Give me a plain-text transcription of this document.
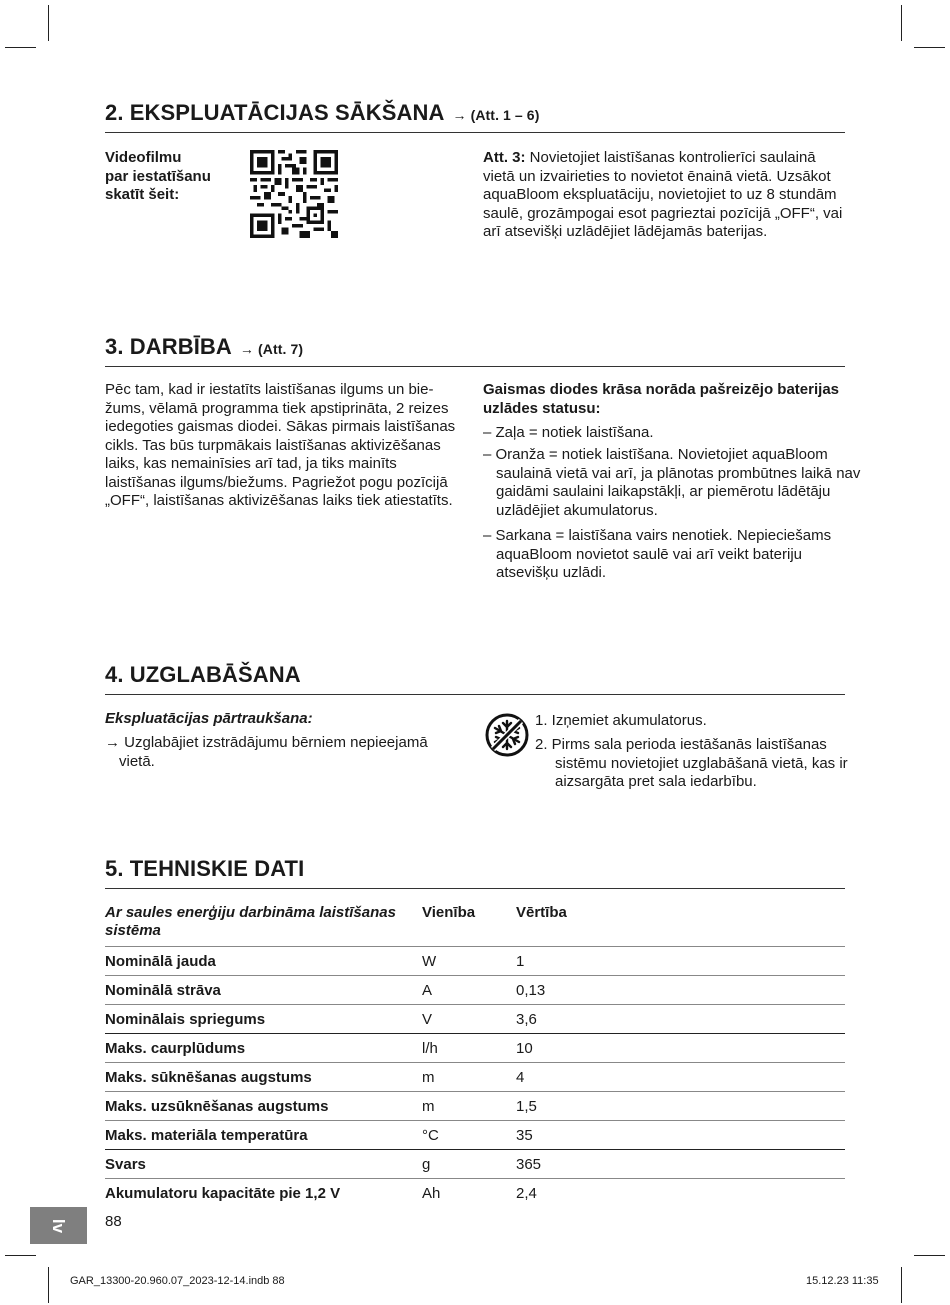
2. EKSPLUATĀCIJAS SĀKŠANA → (Att. 1 – 6)
Videofilmu
par iestatīšanu
skatīt šeit:
Att. 3: Novietojiet laistīšanas kontrolierīci saulainā vietā un izvairieties to novietot ēnainā vietā. Uzsākot aquaBloom ekspluatāciju, novietojiet to uz 8 stundām saulē, grozāmpogai esot pagrieztai pozīcijā „OFF“, vai arī atsevišķi uzlādējiet lādējamās baterijas.
3. DARBĪBA → (Att. 7)
Pēc tam, kad ir iestatīts laistīšanas ilgums un biežums, vēlamā programma tiek apstiprināta, 2 reizes iedegoties gaismas diodei. Sākas pirmais laistīšanas cikls. Tas būs turpmākais laistīšanas aktivizēšanas laiks, kas nemainīsies arī tad, ja tiks mainīts laistīšanas ilgums/biežums. Pagriežot pogu pozīcijā „OFF“, laistīšanas aktivizēšanas laiks tiek atiestatīts.
Gaismas diodes krāsa norāda pašreizējo baterijas uzlādes statusu:
– Zaļa = notiek laistīšana.
– Oranža = notiek laistīšana. Novietojiet aquaBloom saulainā vietā vai arī, ja plānotas prombūtnes laikā nav gaidāmi saulaini laikapstākļi, ar piemērotu lādētāju uzlādējiet akumulatorus.
– Sarkana = laistīšana vairs nenotiek. Nepieciešams aquaBloom novietot saulē vai arī veikt bateriju atsevišķu uzlādi.
4. UZGLABĀŠANA
Ekspluatācijas pārtraukšana:
→ Uzglabājiet izstrādājumu bērniem nepieejamā vietā.
1. Izņemiet akumulatorus.
2. Pirms sala perioda iestāšanās laistīšanas sistēmu novietojiet uzglabāšanā vietā, kas ir aizsargāta pret sala iedarbību.
5. TEHNISKIE DATI
Ar saules enerģiju darbināma laistīšanas sistēma	Vienība	Vērtība
Nominālā jauda	W	1
Nominālā strāva	A	0,13
Nominālais spriegums	V	3,6
Maks. caurplūdums	l/h	10
Maks. sūknēšanas augstums	m	4
Maks. uzsūknēšanas augstums	m	1,5
Maks. materiāla temperatūra	°C	35
Svars	g	365
Akumulatoru kapacitāte pie 1,2 V	Ah	2,4
lv 88
GAR_13300-20.960.07_2023-12-14.indb 88	15.12.23 11:35
